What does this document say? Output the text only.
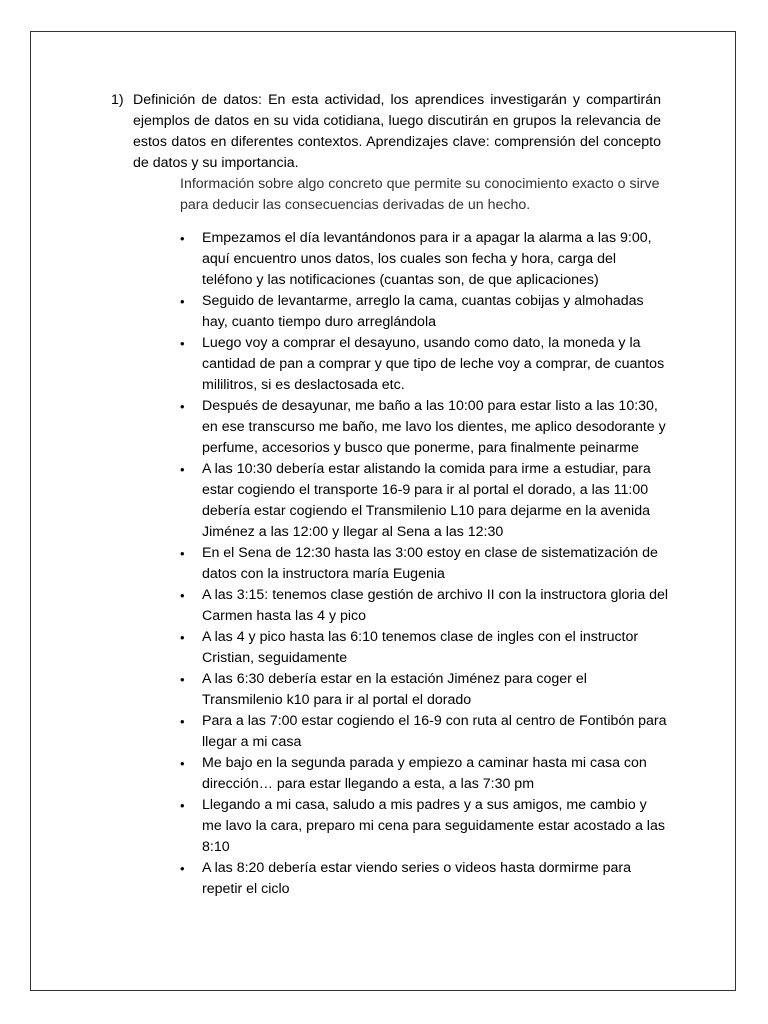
1) Definición de datos: En esta actividad, los aprendices investigarán y compartirán ejemplos de datos en su vida cotidiana, luego discutirán en grupos la relevancia de estos datos en diferentes contextos. Aprendizajes clave: comprensión del concepto de datos y su importancia.
Información sobre algo concreto que permite su conocimiento exacto o sirve para deducir las consecuencias derivadas de un hecho.
•	Empezamos el día levantándonos para ir a apagar la alarma a las 9:00, aquí encuentro unos datos, los cuales son fecha y hora, carga del teléfono y las notificaciones (cuantas son, de que aplicaciones)
•	Seguido de levantarme, arreglo la cama, cuantas cobijas y almohadas hay, cuanto tiempo duro arreglándola
•	Luego voy a comprar el desayuno, usando como dato, la moneda y la cantidad de pan a comprar y que tipo de leche voy a comprar, de cuantos mililitros, si es deslactosada etc.
•	Después de desayunar, me baño a las 10:00 para estar listo a las 10:30, en ese transcurso me baño, me lavo los dientes, me aplico desodorante y perfume, accesorios y busco que ponerme, para finalmente peinarme
•	A las 10:30 debería estar alistando la comida para irme a estudiar, para estar cogiendo el transporte 16-9 para ir al portal el dorado, a las 11:00 debería estar cogiendo el Transmilenio L10 para dejarme en la avenida Jiménez a las 12:00 y llegar al Sena a las 12:30
•	En el Sena de 12:30 hasta las 3:00 estoy en clase de sistematización de datos con la instructora maría Eugenia
•	A las 3:15: tenemos clase gestión de archivo II con la instructora gloria del Carmen hasta las 4 y pico
•	A las 4 y pico hasta las 6:10 tenemos clase de ingles con el instructor Cristian, seguidamente
•	A las 6:30 debería estar en la estación Jiménez para coger el Transmilenio k10 para ir al portal el dorado
•	Para a las 7:00 estar cogiendo el 16-9 con ruta al centro de Fontibón para llegar a mi casa
•	Me bajo en la segunda parada y empiezo a caminar hasta mi casa con dirección… para estar llegando a esta, a las 7:30 pm
•	Llegando a mi casa, saludo a mis padres y a sus amigos, me cambio y me lavo la cara, preparo mi cena para seguidamente estar acostado a las 8:10
•	A las 8:20 debería estar viendo series o videos hasta dormirme para repetir el ciclo
